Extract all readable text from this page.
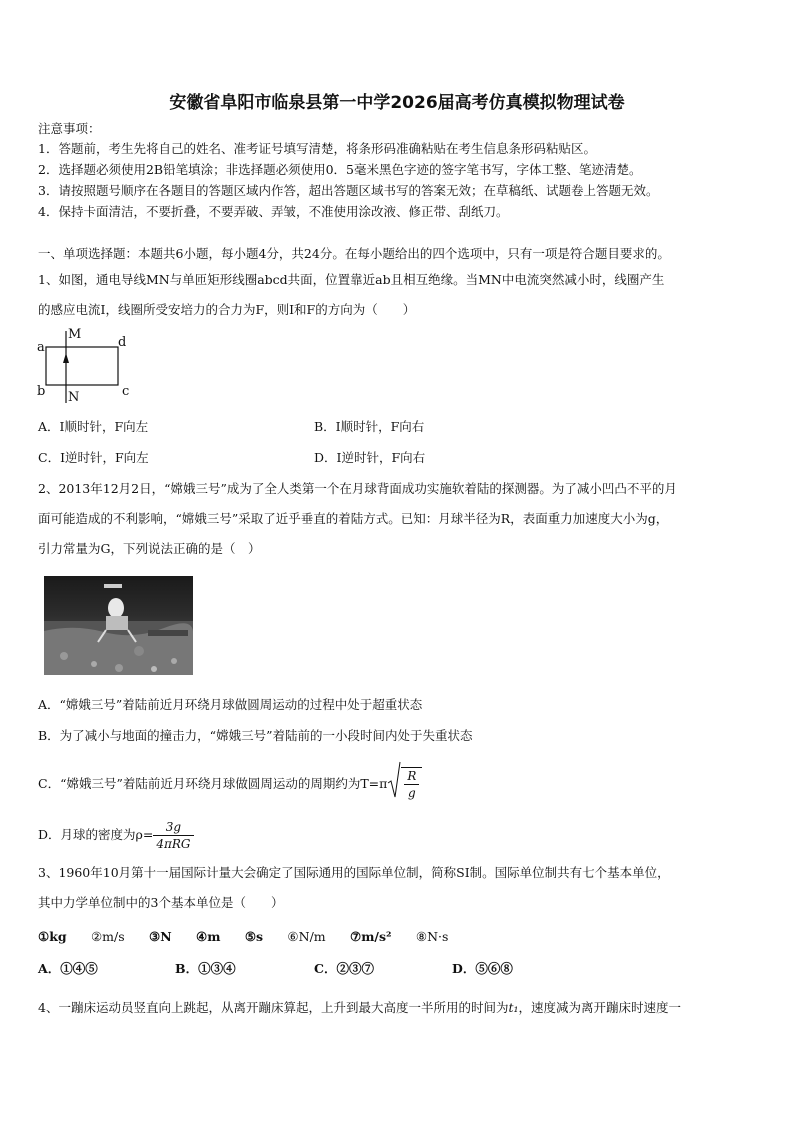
安徽省阜阳市临泉县第一中学2026届高考仿真模拟物理试卷
注意事项：
1．答题前，考生先将自己的姓名、准考证号填写清楚，将条形码准确粘贴在考生信息条形码粘贴区。
2．选择题必须使用2B铅笔填涂；非选择题必须使用0．5毫米黑色字迹的签字笔书写，字体工整、笔迹清楚。
3．请按照题号顺序在各题目的答题区域内作答，超出答题区域书写的答案无效；在草稿纸、试题卷上答题无效。
4．保持卡面清洁，不要折叠，不要弄破、弄皱，不准使用涂改液、修正带、刮纸刀。
一、单项选择题：本题共6小题，每小题4分，共24分。在每小题给出的四个选项中，只有一项是符合题目要求的。
1、如图，通电导线MN与单匝矩形线圈abcd共面，位置靠近ab且相互绝缘。当MN中电流突然减小时，线圈产生
的感应电流I，线圈所受安培力的合力为F，则I和F的方向为（　　）
M
N
a
b	c
d
A．I顺时针，F向左	B．I顺时针，F向右
C．I逆时针，F向左	D．I逆时针，F向右
2、2013年12月2日，“嫦娥三号”成为了全人类第一个在月球背面成功实施软着陆的探测器。为了减小凹凸不平的月
面可能造成的不利影响，“嫦娥三号”采取了近乎垂直的着陆方式。已知：月球半径为R，表面重力加速度大小为g，
引力常量为G，下列说法正确的是（　）
A．“嫦娥三号”着陆前近月环绕月球做圆周运动的过程中处于超重状态
B．为了减小与地面的撞击力，“嫦娥三号”着陆前的一小段时间内处于失重状态
C．“嫦娥三号”着陆前近月环绕月球做圆周运动的周期约为$T=\pi \frac{R}{g}$
D．月球的密度为$\rho= \frac{3g}{\text{4πRG}}$
3、1960年10月第十一届国际计量大会确定了国际通用的国际单位制，简称SI制。国际单位制共有七个基本单位，
其中力学单位制中的3个基本单位是（　　）
①kg ②m/s ③N ④m ⑤s ⑥N/m ⑦m/s² ⑧N·s
A．①④⑤	B．①③④	C．②③⑦	D．⑤⑥⑧
4、一蹦床运动员竖直向上跳起，从离开蹦床算起，上升到最大高度一半所用的时间为t₁，速度减为离开蹦床时速度一
